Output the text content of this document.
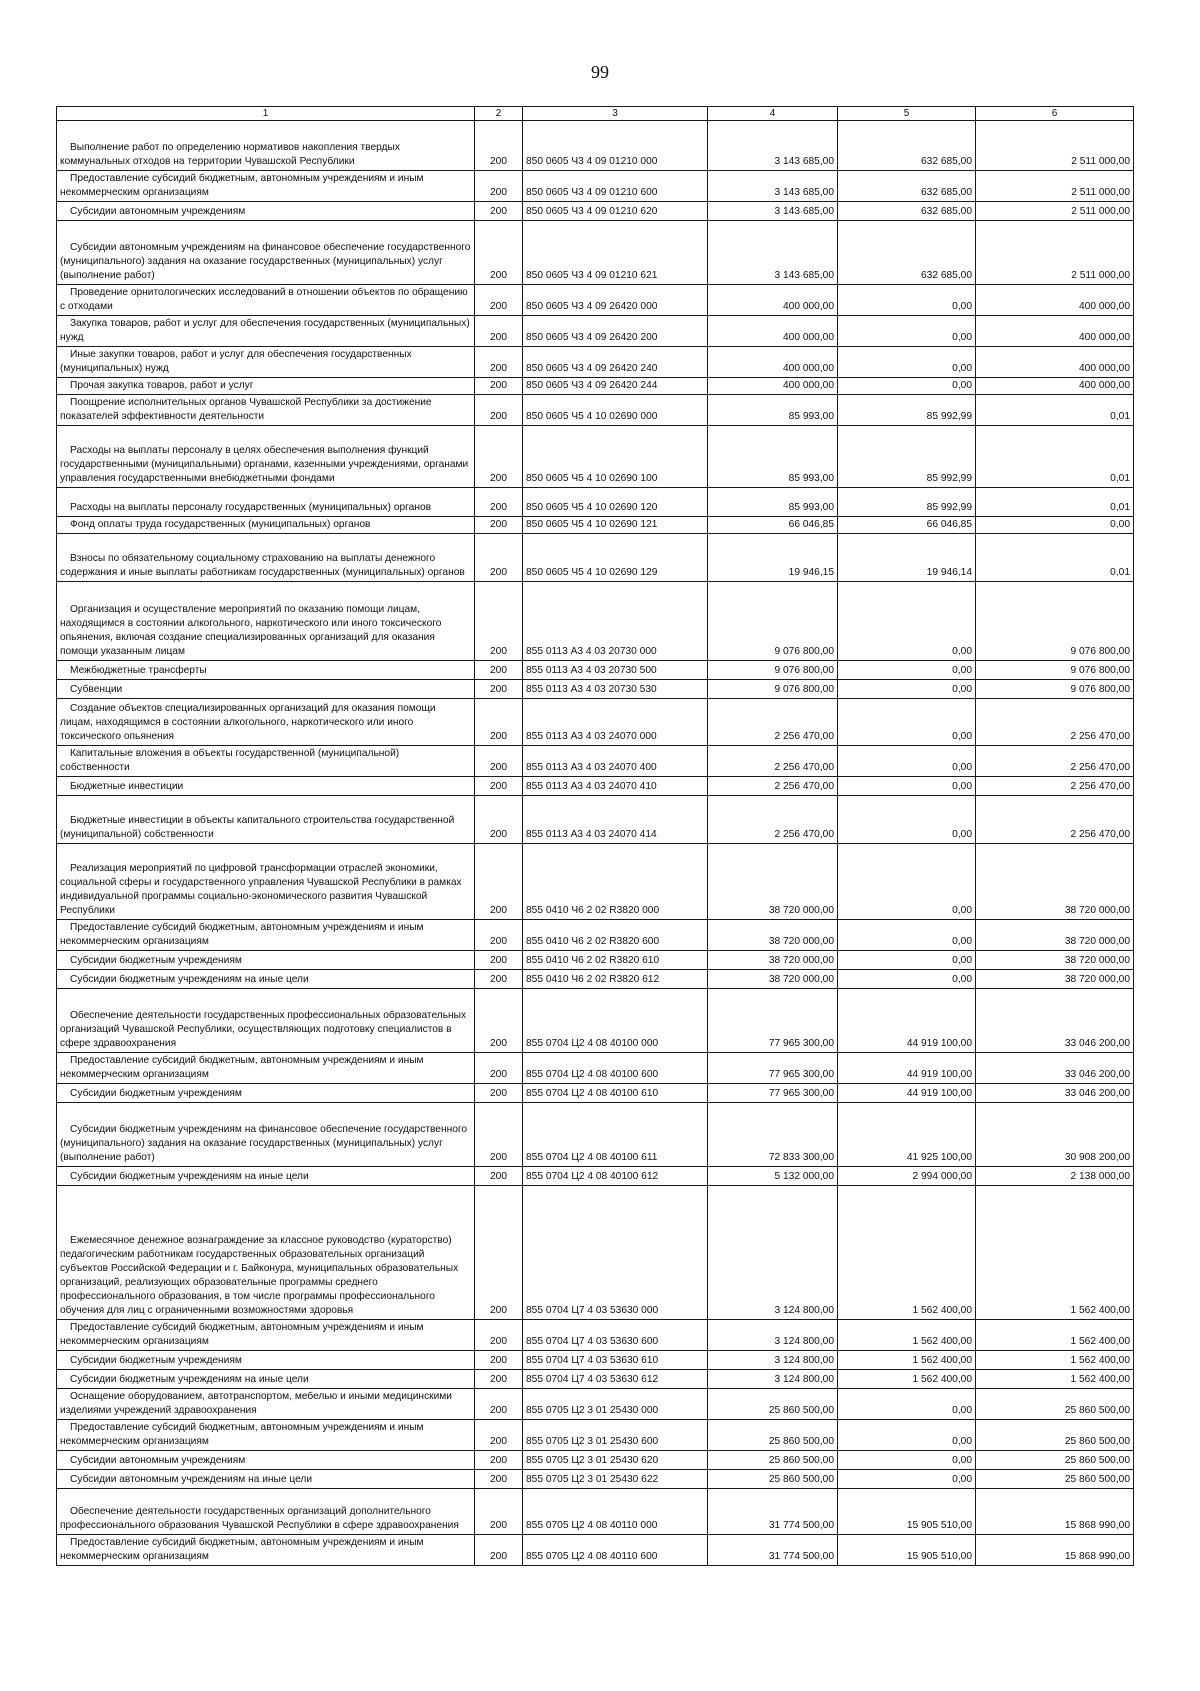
99
1	2	3	4	5	6

Выполнение работ по определению нормативов накопления твердых коммунальных отходов на территории Чувашской Республики	200	850 0605 Ч3 4 09 01210 000	3 143 685,00	632 685,00	2 511 000,00

Предоставление субсидий бюджетным, автономным учреждениям и иным некоммерческим организациям	200	850 0605 Ч3 4 09 01210 600	3 143 685,00	632 685,00	2 511 000,00

Субсидии автономным учреждениям	200	850 0605 Ч3 4 09 01210 620	3 143 685,00	632 685,00	2 511 000,00

Субсидии автономным учреждениям на финансовое обеспечение государственного (муниципального) задания на оказание государственных (муниципальных) услуг (выполнение работ)	200	850 0605 Ч3 4 09 01210 621	3 143 685,00	632 685,00	2 511 000,00

Проведение орнитологических исследований в отношении объектов по обращению с отходами	200	850 0605 Ч3 4 09 26420 000	400 000,00	0,00	400 000,00

Закупка товаров, работ и услуг для обеспечения государственных (муниципальных) нужд	200	850 0605 Ч3 4 09 26420 200	400 000,00	0,00	400 000,00

Иные закупки товаров, работ и услуг для обеспечения государственных (муниципальных) нужд	200	850 0605 Ч3 4 09 26420 240	400 000,00	0,00	400 000,00

Прочая закупка товаров, работ и услуг	200	850 0605 Ч3 4 09 26420 244	400 000,00	0,00	400 000,00

Поощрение исполнительных органов Чувашской Республики за достижение показателей эффективности деятельности	200	850 0605 Ч5 4 10 02690 000	85 993,00	85 992,99	0,01

Расходы на выплаты персоналу в целях обеспечения выполнения функций государственными (муниципальными) органами, казенными учреждениями, органами управления государственными внебюджетными фондами	200	850 0605 Ч5 4 10 02690 100	85 993,00	85 992,99	0,01

Расходы на выплаты персоналу государственных (муниципальных) органов	200	850 0605 Ч5 4 10 02690 120	85 993,00	85 992,99	0,01

Фонд оплаты труда государственных (муниципальных) органов	200	850 0605 Ч5 4 10 02690 121	66 046,85	66 046,85	0,00

Взносы по обязательному социальному страхованию на выплаты денежного содержания и иные выплаты работникам государственных (муниципальных) органов	200	850 0605 Ч5 4 10 02690 129	19 946,15	19 946,14	0,01

Организация и осуществление мероприятий по оказанию помощи лицам, находящимся в состоянии алкогольного, наркотического или иного токсического опьянения, включая создание специализированных организаций для оказания помощи указанным лицам	200	855 0113 А3 4 03 20730 000	9 076 800,00	0,00	9 076 800,00

Межбюджетные трансферты	200	855 0113 А3 4 03 20730 500	9 076 800,00	0,00	9 076 800,00

Субвенции	200	855 0113 А3 4 03 20730 530	9 076 800,00	0,00	9 076 800,00

Создание объектов специализированных организаций для оказания помощи лицам, находящимся в состоянии алкогольного, наркотического или иного токсического опьянения	200	855 0113 А3 4 03 24070 000	2 256 470,00	0,00	2 256 470,00

Капитальные вложения в объекты государственной (муниципальной) собственности	200	855 0113 А3 4 03 24070 400	2 256 470,00	0,00	2 256 470,00

Бюджетные инвестиции	200	855 0113 А3 4 03 24070 410	2 256 470,00	0,00	2 256 470,00

Бюджетные инвестиции в объекты капитального строительства государственной (муниципальной) собственности	200	855 0113 А3 4 03 24070 414	2 256 470,00	0,00	2 256 470,00

Реализация мероприятий по цифровой трансформации отраслей экономики, социальной сферы и государственного управления Чувашской Республики в рамках индивидуальной программы социально-экономического развития Чувашской Республики	200	855 0410 Ч6 2 02 R3820 000	38 720 000,00	0,00	38 720 000,00

Предоставление субсидий бюджетным, автономным учреждениям и иным некоммерческим организациям	200	855 0410 Ч6 2 02 R3820 600	38 720 000,00	0,00	38 720 000,00

Субсидии бюджетным учреждениям	200	855 0410 Ч6 2 02 R3820 610	38 720 000,00	0,00	38 720 000,00

Субсидии бюджетным учреждениям на иные цели	200	855 0410 Ч6 2 02 R3820 612	38 720 000,00	0,00	38 720 000,00

Обеспечение деятельности государственных профессиональных образовательных организаций Чувашской Республики, осуществляющих подготовку специалистов в сфере здравоохранения	200	855 0704 Ц2 4 08 40100 000	77 965 300,00	44 919 100,00	33 046 200,00

Предоставление субсидий бюджетным, автономным учреждениям и иным некоммерческим организациям	200	855 0704 Ц2 4 08 40100 600	77 965 300,00	44 919 100,00	33 046 200,00

Субсидии бюджетным учреждениям	200	855 0704 Ц2 4 08 40100 610	77 965 300,00	44 919 100,00	33 046 200,00

Субсидии бюджетным учреждениям на финансовое обеспечение государственного (муниципального) задания на оказание государственных (муниципальных) услуг (выполнение работ)	200	855 0704 Ц2 4 08 40100 611	72 833 300,00	41 925 100,00	30 908 200,00

Субсидии бюджетным учреждениям на иные цели	200	855 0704 Ц2 4 08 40100 612	5 132 000,00	2 994 000,00	2 138 000,00

Ежемесячное денежное вознаграждение за классное руководство (кураторство) педагогическим работникам государственных образовательных организаций субъектов Российской Федерации и г. Байконура, муниципальных образовательных организаций, реализующих образовательные программы среднего профессионального образования, в том числе программы профессионального обучения для лиц с ограниченными возможностями здоровья	200	855 0704 Ц7 4 03 53630 000	3 124 800,00	1 562 400,00	1 562 400,00

Предоставление субсидий бюджетным, автономным учреждениям и иным некоммерческим организациям	200	855 0704 Ц7 4 03 53630 600	3 124 800,00	1 562 400,00	1 562 400,00

Субсидии бюджетным учреждениям	200	855 0704 Ц7 4 03 53630 610	3 124 800,00	1 562 400,00	1 562 400,00

Субсидии бюджетным учреждениям на иные цели	200	855 0704 Ц7 4 03 53630 612	3 124 800,00	1 562 400,00	1 562 400,00

Оснащение оборудованием, автотранспортом, мебелью и иными медицинскими изделиями учреждений здравоохранения	200	855 0705 Ц2 3 01 25430 000	25 860 500,00	0,00	25 860 500,00

Предоставление субсидий бюджетным, автономным учреждениям и иным некоммерческим организациям	200	855 0705 Ц2 3 01 25430 600	25 860 500,00	0,00	25 860 500,00

Субсидии автономным учреждениям	200	855 0705 Ц2 3 01 25430 620	25 860 500,00	0,00	25 860 500,00

Субсидии автономным учреждениям на иные цели	200	855 0705 Ц2 3 01 25430 622	25 860 500,00	0,00	25 860 500,00

Обеспечение деятельности государственных организаций дополнительного профессионального образования Чувашской Республики в сфере здравоохранения	200	855 0705 Ц2 4 08 40110 000	31 774 500,00	15 905 510,00	15 868 990,00

Предоставление субсидий бюджетным, автономным учреждениям и иным некоммерческим организациям	200	855 0705 Ц2 4 08 40110 600	31 774 500,00	15 905 510,00	15 868 990,00
